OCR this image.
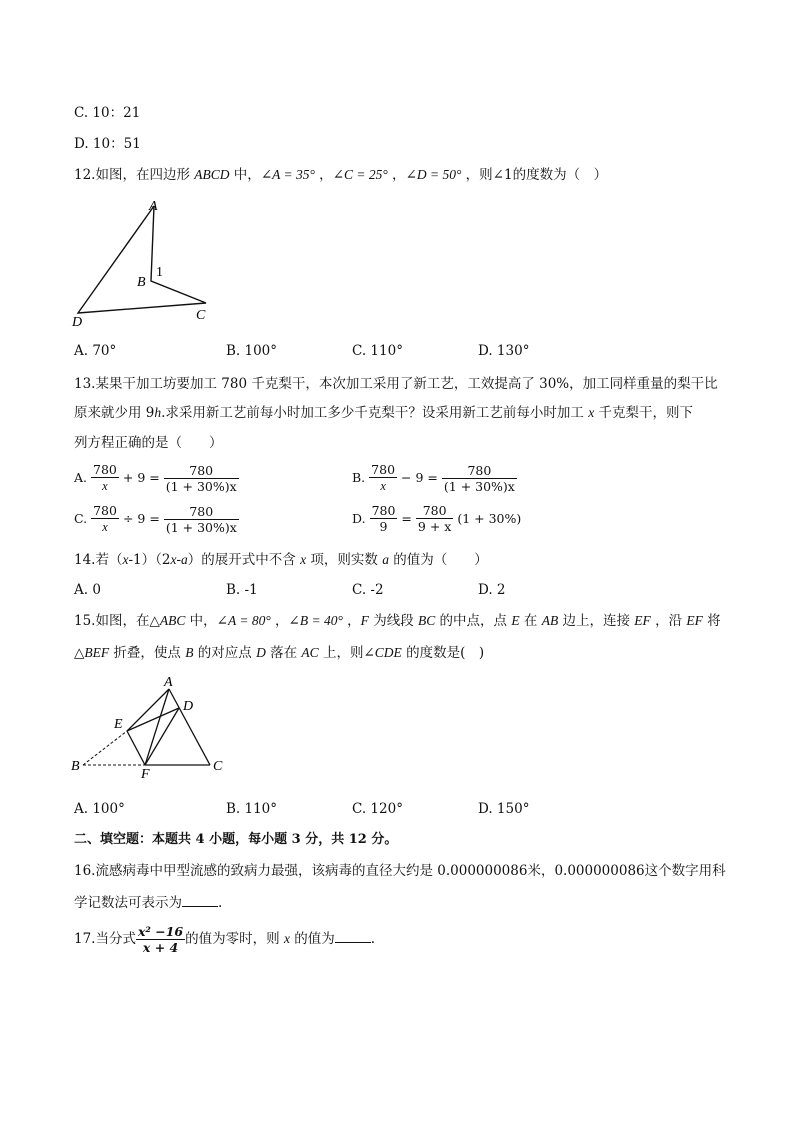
C. 10：21
D. 10：51
12.如图，在四边形 ABCD 中，∠A = 35° ，∠C = 25° ，∠D = 50° ，则∠1的度数为（　）
A
B
1
D	C
A. 70°	B. 100°	C. 110°	D. 130°
13.某果干加工坊要加工 780 千克梨干，本次加工采用了新工艺，工效提高了 30%，加工同样重量的梨干比
原来就少用 9h.求采用新工艺前每小时加工多少千克梨干？设采用新工艺前每小时加工 x 千克梨干，则下
列方程正确的是（　　）
A. $\frac{780}{x} + 9 = \frac{780}{(1 + 30\%)x}$	B. $\frac{780}{x} - 9 = \frac{780}{(1 + 30\%)x}$
C. $\frac{780}{x} \div 9 = \frac{780}{(1 + 30\%)x}$	D. $\frac{780}{9} = \frac{780}{9 + x} (1 + 30\%)$
14.若（x-1）（2x-a）的展开式中不含 x 项，则实数 a 的值为（　　）
A. 0	B. -1	C. -2	D. 2
15.如图，在△ABC 中，∠A = 80° ，∠B = 40° ，F 为线段 BC 的中点，点 E 在 AB 边上，连接 EF ，沿 EF 将
△BEF 折叠，使点 B 的对应点 D 落在 AC 上，则∠CDE 的度数是(　)
A
D
E
B
F
C
A. 100°	B. 110°	C. 120°	D. 150°
二、填空题：本题共 4 小题，每小题 3 分，共 12 分。
16.流感病毒中甲型流感的致病力最强，该病毒的直径大约是 0.000000086米，0.000000086这个数字用科
学记数法可表示为	.
17.当分式 $\frac{\text{x² −16}}{x + 4}$ 的值为零时，则 x 的值为	.
